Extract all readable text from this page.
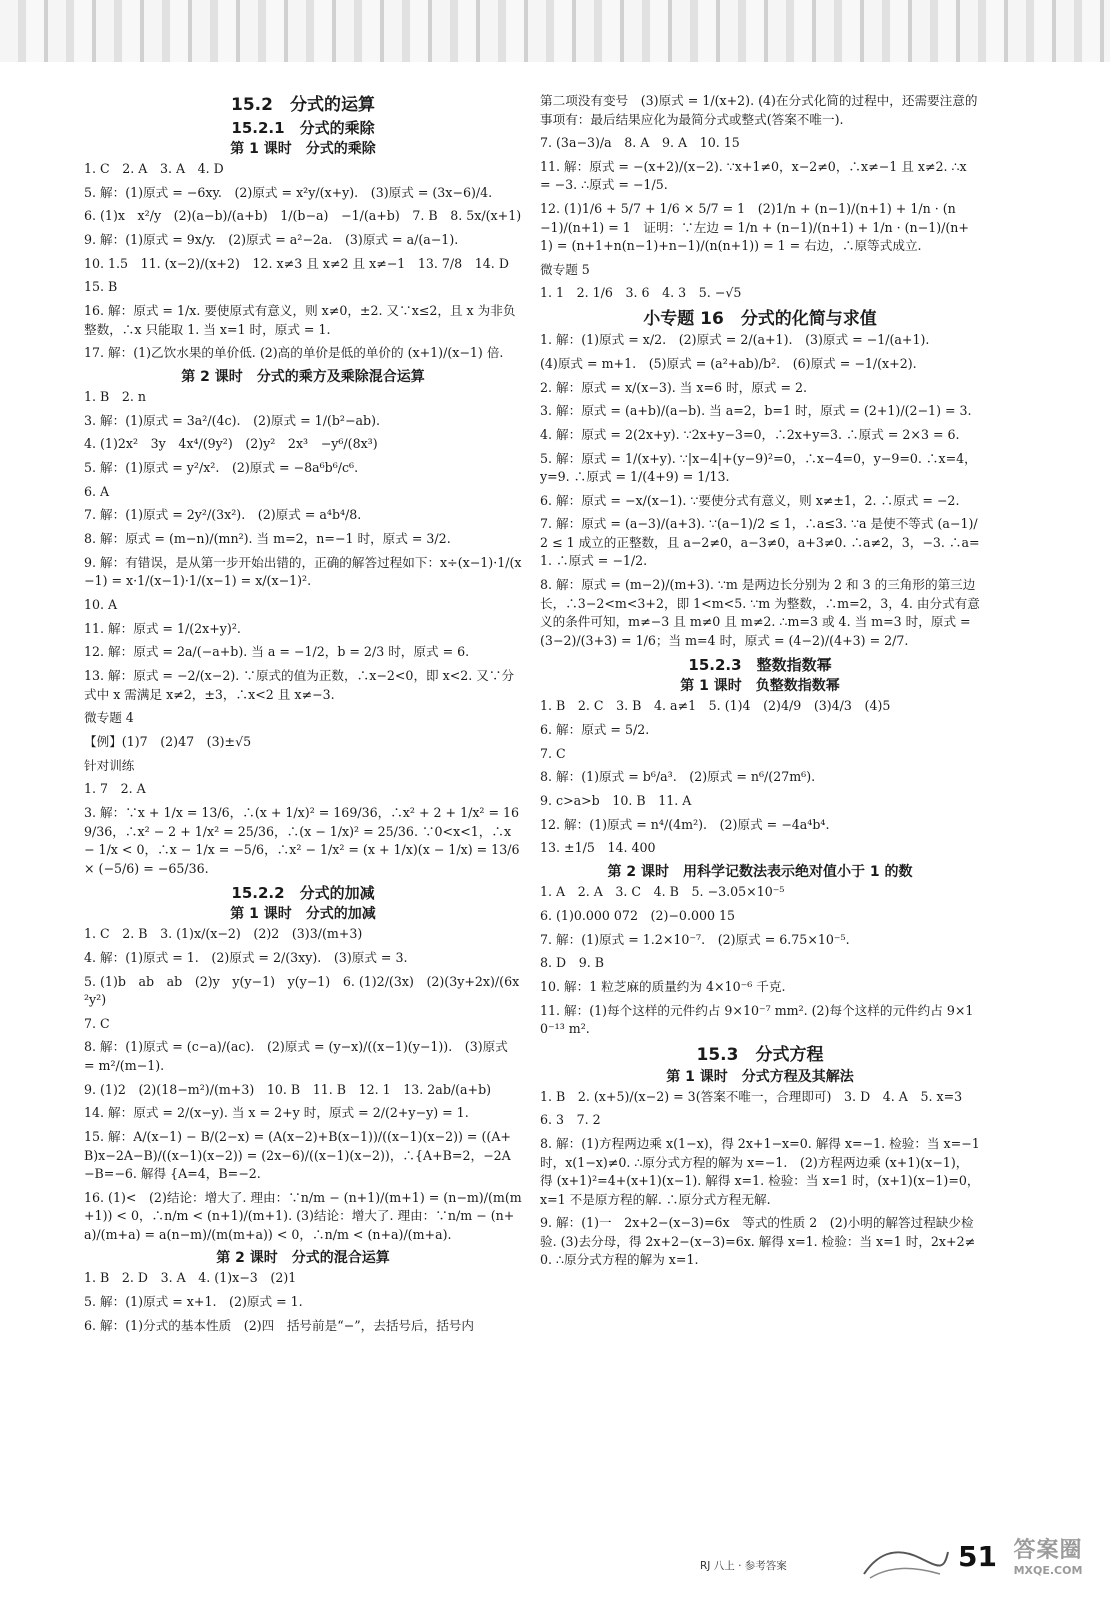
15.2　分式的运算
15.2.1　分式的乘除
第 1 课时　分式的乘除
1. C　2. A　3. A　4. D
5. 解：(1)原式 = −6xy.　(2)原式 = x²y/(x+y).　(3)原式 = (3x−6)/4.
6. (1)x　x²/y　(2)(a−b)/(a+b)　1/(b−a)　−1/(a+b)　7. B　8. 5x/(x+1)
9. 解：(1)原式 = 9x/y.　(2)原式 = a²−2a.　(3)原式 = a/(a−1).
10. 1.5　11. (x−2)/(x+2)　12. x≠3 且 x≠2 且 x≠−1　13. 7/8　14. D
15. B
16. 解：原式 = 1/x. 要使原式有意义，则 x≠0，±2. 又∵x≤2，且 x 为非负整数，∴x 只能取 1. 当 x=1 时，原式 = 1.
17. 解：(1)乙饮水果的单价低. (2)高的单价是低的单价的 (x+1)/(x−1) 倍.
第 2 课时　分式的乘方及乘除混合运算
1. B　2. n
3. 解：(1)原式 = 3a²/(4c).　(2)原式 = 1/(b²−ab).
4. (1)2x²　3y　4x⁴/(9y²)　(2)y²　2x³　−y⁶/(8x³)
5. 解：(1)原式 = y²/x².　(2)原式 = −8a⁶b⁶/c⁶.
6. A
7. 解：(1)原式 = 2y²/(3x²).　(2)原式 = a⁴b⁴/8.
8. 解：原式 = (m−n)/(mn²). 当 m=2，n=−1 时，原式 = 3/2.
9. 解：有错误，是从第一步开始出错的，正确的解答过程如下：x÷(x−1)·1/(x−1) = x·1/(x−1)·1/(x−1) = x/(x−1)².
10. A
11. 解：原式 = 1/(2x+y)².
12. 解：原式 = 2a/(−a+b). 当 a = −1/2，b = 2/3 时，原式 = 6.
13. 解：原式 = −2/(x−2). ∵原式的值为正数，∴x−2<0，即 x<2. 又∵分式中 x 需满足 x≠2，±3，∴x<2 且 x≠−3.
微专题 4
【例】(1)7　(2)47　(3)±√5
针对训练
1. 7　2. A
3. 解：∵x + 1/x = 13/6，∴(x + 1/x)² = 169/36，∴x² + 2 + 1/x² = 169/36，∴x² − 2 + 1/x² = 25/36，∴(x − 1/x)² = 25/36. ∵0<x<1，∴x − 1/x < 0，∴x − 1/x = −5/6，∴x² − 1/x² = (x + 1/x)(x − 1/x) = 13/6 × (−5/6) = −65/36.
15.2.2　分式的加减
第 1 课时　分式的加减
1. C　2. B　3. (1)x/(x−2)　(2)2　(3)3/(m+3)
4. 解：(1)原式 = 1.　(2)原式 = 2/(3xy).　(3)原式 = 3.
5. (1)b　ab　ab　(2)y　y(y−1)　y(y−1)　6. (1)2/(3x)　(2)(3y+2x)/(6x²y²)
7. C
8. 解：(1)原式 = (c−a)/(ac).　(2)原式 = (y−x)/((x−1)(y−1)).　(3)原式 = m²/(m−1).
9. (1)2　(2)(18−m²)/(m+3)　10. B　11. B　12. 1　13. 2ab/(a+b)
14. 解：原式 = 2/(x−y). 当 x = 2+y 时，原式 = 2/(2+y−y) = 1.
15. 解：A/(x−1) − B/(2−x) = (A(x−2)+B(x−1))/((x−1)(x−2)) = ((A+B)x−2A−B)/((x−1)(x−2)) = (2x−6)/((x−1)(x−2))，∴{A+B=2，−2A−B=−6. 解得 {A=4，B=−2.
16. (1)<　(2)结论：增大了. 理由：∵n/m − (n+1)/(m+1) = (n−m)/(m(m+1)) < 0，∴n/m < (n+1)/(m+1). (3)结论：增大了. 理由：∵n/m − (n+a)/(m+a) = a(n−m)/(m(m+a)) < 0，∴n/m < (n+a)/(m+a).
第 2 课时　分式的混合运算
1. B　2. D　3. A　4. (1)x−3　(2)1
5. 解：(1)原式 = x+1.　(2)原式 = 1.
6. 解：(1)分式的基本性质　(2)四　括号前是“−”，去括号后，括号内
第二项没有变号　(3)原式 = 1/(x+2). (4)在分式化简的过程中，还需要注意的事项有：最后结果应化为最简分式或整式(答案不唯一).
7. (3a−3)/a　8. A　9. A　10. 15
11. 解：原式 = −(x+2)/(x−2). ∵x+1≠0，x−2≠0，∴x≠−1 且 x≠2. ∴x = −3. ∴原式 = −1/5.
12. (1)1/6 + 5/7 + 1/6 × 5/7 = 1　(2)1/n + (n−1)/(n+1) + 1/n · (n−1)/(n+1) = 1　证明：∵左边 = 1/n + (n−1)/(n+1) + 1/n · (n−1)/(n+1) = (n+1+n(n−1)+n−1)/(n(n+1)) = 1 = 右边，∴原等式成立.
微专题 5
1. 1　2. 1/6　3. 6　4. 3　5. −√5
小专题 16　分式的化简与求值
1. 解：(1)原式 = x/2.　(2)原式 = 2/(a+1).　(3)原式 = −1/(a+1).
(4)原式 = m+1.　(5)原式 = (a²+ab)/b².　(6)原式 = −1/(x+2).
2. 解：原式 = x/(x−3). 当 x=6 时，原式 = 2.
3. 解：原式 = (a+b)/(a−b). 当 a=2，b=1 时，原式 = (2+1)/(2−1) = 3.
4. 解：原式 = 2(2x+y). ∵2x+y−3=0，∴2x+y=3. ∴原式 = 2×3 = 6.
5. 解：原式 = 1/(x+y). ∵|x−4|+(y−9)²=0，∴x−4=0，y−9=0. ∴x=4，y=9. ∴原式 = 1/(4+9) = 1/13.
6. 解：原式 = −x/(x−1). ∵要使分式有意义，则 x≠±1，2. ∴原式 = −2.
7. 解：原式 = (a−3)/(a+3). ∵(a−1)/2 ≤ 1，∴a≤3. ∵a 是使不等式 (a−1)/2 ≤ 1 成立的正整数，且 a−2≠0，a−3≠0，a+3≠0. ∴a≠2，3，−3. ∴a=1. ∴原式 = −1/2.
8. 解：原式 = (m−2)/(m+3). ∵m 是两边长分别为 2 和 3 的三角形的第三边长，∴3−2<m<3+2，即 1<m<5. ∵m 为整数，∴m=2，3，4. 由分式有意义的条件可知，m≠−3 且 m≠0 且 m≠2. ∴m=3 或 4. 当 m=3 时，原式 = (3−2)/(3+3) = 1/6；当 m=4 时，原式 = (4−2)/(4+3) = 2/7.
15.2.3　整数指数幂
第 1 课时　负整数指数幂
1. B　2. C　3. B　4. a≠1　5. (1)4　(2)4/9　(3)4/3　(4)5
6. 解：原式 = 5/2.
7. C
8. 解：(1)原式 = b⁶/a³.　(2)原式 = n⁶/(27m⁶).
9. c>a>b　10. B　11. A
12. 解：(1)原式 = n⁴/(4m²).　(2)原式 = −4a⁴b⁴.
13. ±1/5　14. 400
第 2 课时　用科学记数法表示绝对值小于 1 的数
1. A　2. A　3. C　4. B　5. −3.05×10⁻⁵
6. (1)0.000 072　(2)−0.000 15
7. 解：(1)原式 = 1.2×10⁻⁷.　(2)原式 = 6.75×10⁻⁵.
8. D　9. B
10. 解：1 粒芝麻的质量约为 4×10⁻⁶ 千克.
11. 解：(1)每个这样的元件约占 9×10⁻⁷ mm². (2)每个这样的元件约占 9×10⁻¹³ m².
15.3　分式方程
第 1 课时　分式方程及其解法
1. B　2. (x+5)/(x−2) = 3(答案不唯一，合理即可)　3. D　4. A　5. x=3
6. 3　7. 2
8. 解：(1)方程两边乘 x(1−x)，得 2x+1−x=0. 解得 x=−1. 检验：当 x=−1 时，x(1−x)≠0. ∴原分式方程的解为 x=−1.　(2)方程两边乘 (x+1)(x−1)，得 (x+1)²=4+(x+1)(x−1). 解得 x=1. 检验：当 x=1 时，(x+1)(x−1)=0，x=1 不是原方程的解. ∴原分式方程无解.
9. 解：(1)一　2x+2−(x−3)=6x　等式的性质 2　(2)小明的解答过程缺少检验. (3)去分母，得 2x+2−(x−3)=6x. 解得 x=1. 检验：当 x=1 时，2x+2≠0. ∴原分式方程的解为 x=1.
RJ 八上 · 参考答案	51 答案圈
MXQE.COM
